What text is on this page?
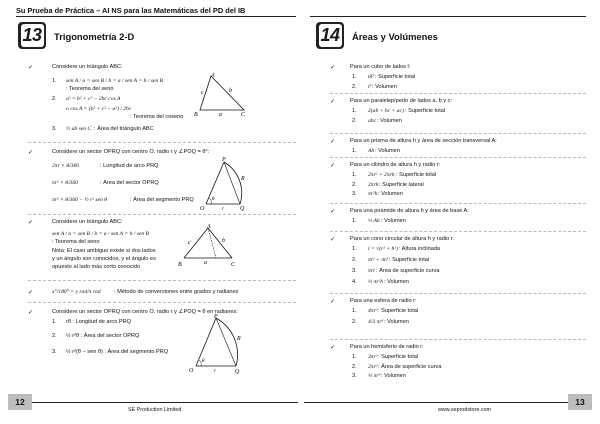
Su Prueba de Práctica – AI NS para las Matemáticas del PD del IB
13 Trigonometría 2-D
✓	Considere un triángulo ABC:
1. sen A / a = sen B / b = a / sen A = b / sen B
: Teorema del seno
2. a² = b² + c² − 2bc cos A
o cos A = (b² + c² − a²) / 2bc
: Teorema del coseno
3. ½ ab sen C : Área del triángulo ABC
A
B	C
c	b
a
✓	Considere un sector OPRQ con centro O, radio r y ∠POQ = θ°:
2πr × θ/360	: Longitud de arco PRQ
πr² × θ/360	: Área del sector OPRQ
πr² × θ/360 − ½ r² sen θ	: Área del segmento PRQ
O
P
Q
R
r
θ
✓	Considere un triángulo ABC:
sen A / a = sen B / b = a / sen A = b / sen B
: Teorema del seno
Nota: El caso ambiguo existe si dos lados
y un ángulo son conocidos, y el ángulo es
opuesto al lado más corto conocido
A
B	C
c	b
a
✓	x°/180° = y rad/π rad : Método de conversiones entre grados y radianes
✓	Considere un sector OPRQ con centro O, radio r y ∠POQ = θ en radianes:
1. rθ : Longitud de arco PRQ
2. ½ r²θ : Área del sector OPRQ
3. ½ r²(θ − sen θ) : Área del segmento PRQ
O
P
Q
R
r
θ
14 Áreas y Volúmenes
✓	Para un cubo de lados l:
1. 6l² : Superficie total
2. l³ : Volumen
✓	Para un paralelepípedo de lados a, b y c:
1. 2(ab + bc + ac) : Superficie total
2. abc : Volumen
✓	Para un prisma de altura h y área de sección transversal A:
1. Ah : Volumen
✓	Para un cilindro de altura h y radio r:
1. 2πr² + 2πrh : Superficie total
2. 2πrh : Superficie lateral
3. πr²h : Volumen
✓	Para una pirámide de altura h y área de base A:
1. ⅓ Ah : Volumen
✓	Para un cono circular de altura h y radio r:
1. l = √(r² + h²) : Altura inclinada
2. πr² + πrl : Superficie total
3. πrl : Área de superficie curva
4. ⅓ πr²h : Volumen
✓	Para una esfera de radio r:
1. 4πr² : Superficie total
2. 4/3 πr³ : Volumen
✓	Para un hemisferio de radio r:
1. 3πr² : Superficie total
2. 2πr² : Área de superficie curva
3. ⅔ πr³ : Volumen
12	13
SE Production Limited	www.seprodstore.com
